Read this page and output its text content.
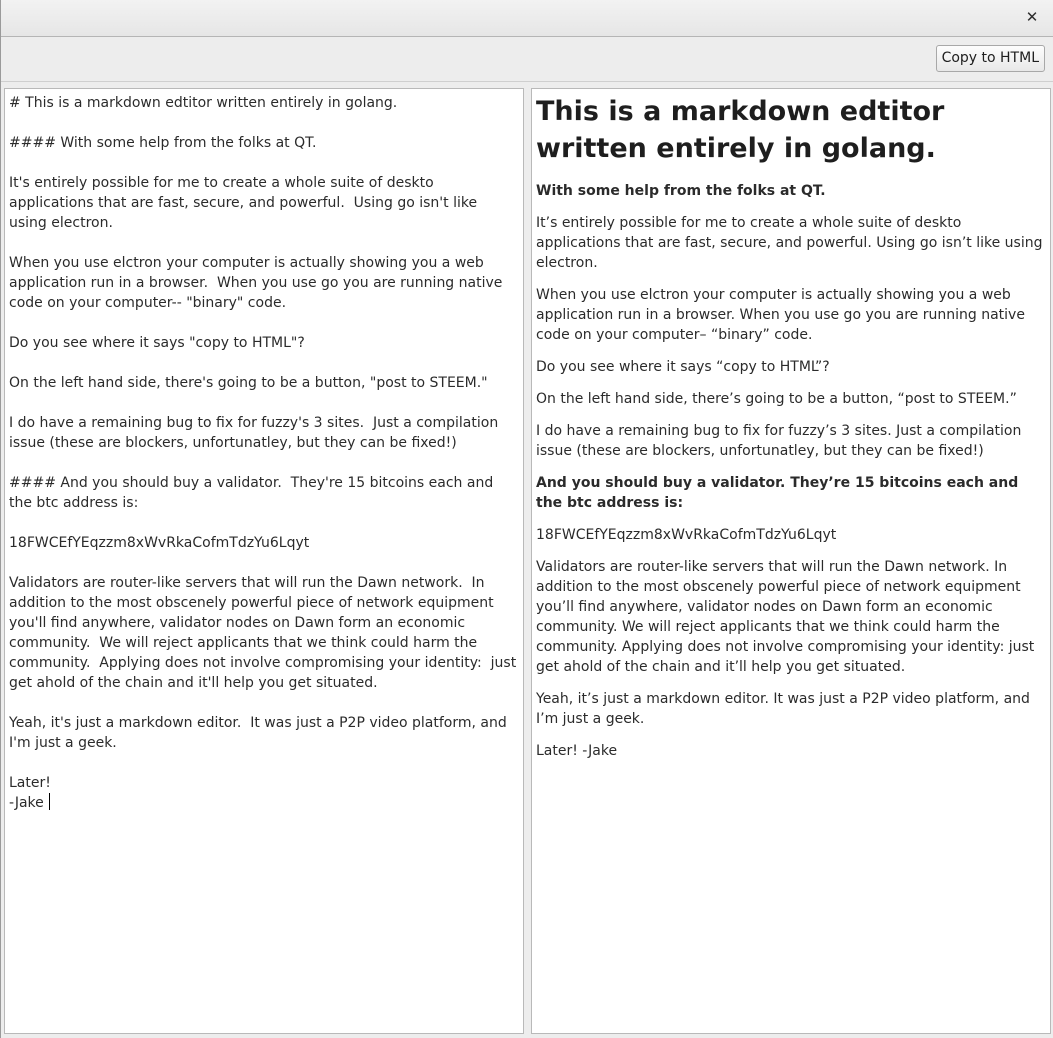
✕
Copy to HTML
# This is a markdown edtitor written entirely in golang.

#### With some help from the folks at QT.

It's entirely possible for me to create a whole suite of deskto applications that are fast, secure, and powerful.  Using go isn't like using electron.

When you use elctron your computer is actually showing you a web application run in a browser.  When you use go you are running native code on your computer-- "binary" code.

Do you see where it says "copy to HTML"?

On the left hand side, there's going to be a button, "post to STEEM."

I do have a remaining bug to fix for fuzzy's 3 sites.  Just a compilation issue (these are blockers, unfortunatley, but they can be fixed!)

#### And you should buy a validator.  They're 15 bitcoins each and the btc address is:

18FWCEfYEqzzm8xWvRkaCofmTdzYu6Lqyt

Validators are router-like servers that will run the Dawn network.  In addition to the most obscenely powerful piece of network equipment you'll find anywhere, validator nodes on Dawn form an economic community.  We will reject applicants that we think could harm the community.  Applying does not involve compromising your identity:  just get ahold of the chain and it'll help you get situated.

Yeah, it's just a markdown editor.  It was just a P2P video platform, and I'm just a geek.

Later!
-Jake
This is a markdown edtitor written entirely in golang.
With some help from the folks at QT.

It’s entirely possible for me to create a whole suite of deskto applications that are fast, secure, and powerful. Using go isn’t like using electron.

When you use elctron your computer is actually showing you a web application run in a browser. When you use go you are running native code on your computer– “binary” code.

Do you see where it says “copy to HTML”?

On the left hand side, there’s going to be a button, “post to STEEM.”

I do have a remaining bug to fix for fuzzy’s 3 sites. Just a compilation issue (these are blockers, unfortunatley, but they can be fixed!)

And you should buy a validator. They’re 15 bitcoins each and the btc address is:

18FWCEfYEqzzm8xWvRkaCofmTdzYu6Lqyt

Validators are router-like servers that will run the Dawn network. In addition to the most obscenely powerful piece of network equipment you’ll find anywhere, validator nodes on Dawn form an economic community. We will reject applicants that we think could harm the community. Applying does not involve compromising your identity: just get ahold of the chain and it’ll help you get situated.

Yeah, it’s just a markdown editor. It was just a P2P video platform, and I’m just a geek.

Later! -Jake
